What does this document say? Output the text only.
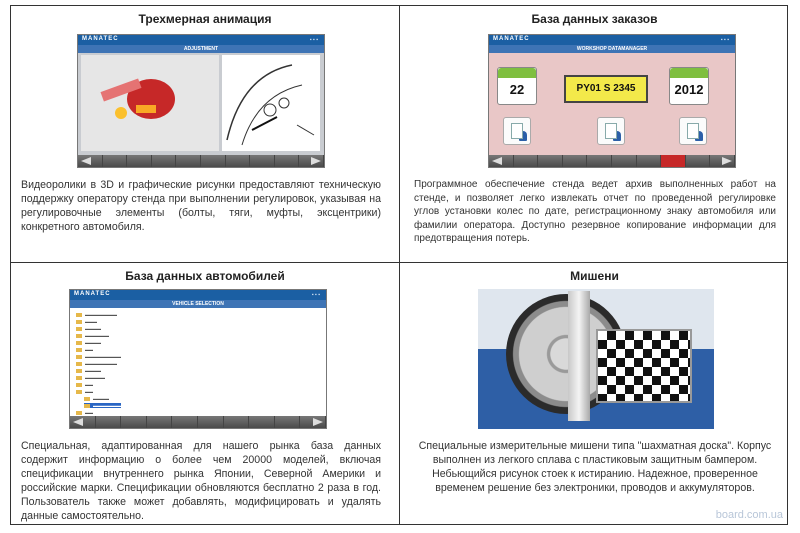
Трехмерная анимация
MANATEC	▪ ▪ ▪
ADJUSTMENT
Видеоролики в 3D и графические рисунки предоставляют техническую поддержку оператору стенда при выполнении регулировок, указывая на регулировочные элементы (болты, тяги, муфты, эксцентрики) конкретного автомобиля.
База данных заказов
MANATEC	▪ ▪ ▪
WORKSHOP DATAMANAGER
22	PY01 S 2345	2012
Программное обеспечение стенда ведет архив выполненных работ на стенде, и позволяет легко извлекать отчет по проведенной регулировке углов установки колес по дате, регистрационному знаку автомобиля или фамилии оператора. Доступно резервное копирование информации для предотвращения потерь.
База данных автомобилей
MANATEC	▪ ▪ ▪
VEHICLE SELECTION
▬▬▬▬▬▬▬▬
▬▬▬
▬▬▬▬
▬▬▬▬▬▬
▬▬▬▬
▬▬
▬▬▬▬▬▬▬▬▬
▬▬▬▬▬▬▬▬
▬▬▬▬
▬▬▬▬▬
▬▬
▬▬
▬▬▬▬
▬▬▬▬▬▬▬
▬▬
Специальная, адаптированная для нашего рынка база данных содержит информацию о более чем 20000 моделей, включая спецификации внутреннего рынка Японии, Северной Америки и российские марки. Спецификации обновляются бесплатно 2 раза в год. Пользователь также может добавлять, модифицировать и удалять данные самостоятельно.
Мишени
Специальные измерительные мишени типа "шахматная доска". Корпус выполнен из легкого сплава с пластиковым защитным бампером. Небьющийся рисунок стоек к истиранию. Надежное, проверенное временем решение без электроники, проводов и аккумуляторов.
board.com.ua
